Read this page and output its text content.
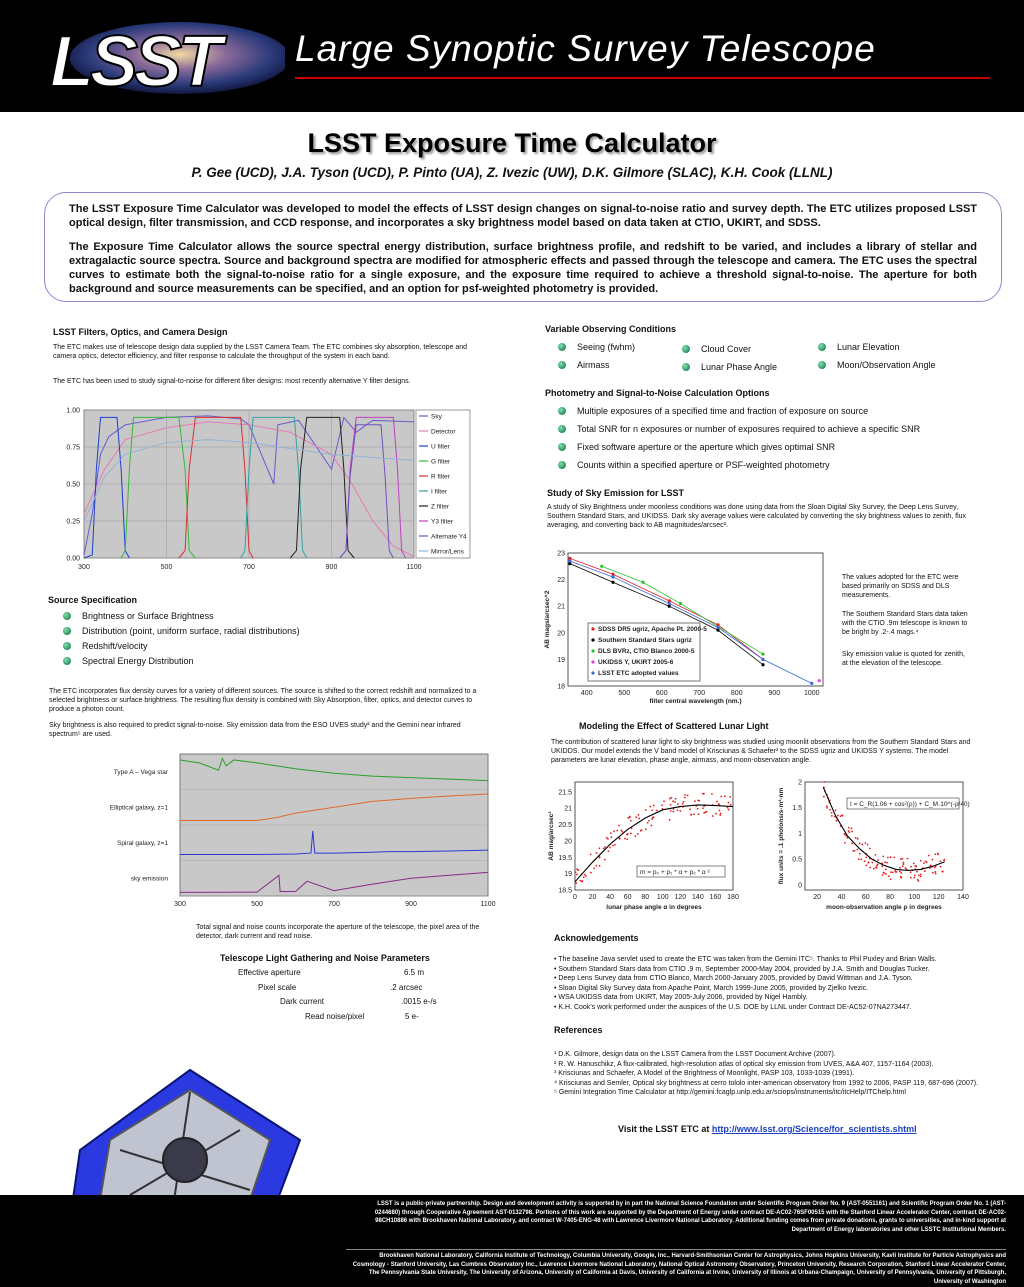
LSST Large Synoptic Survey Telescope
LSST Exposure Time Calculator
P. Gee (UCD), J.A. Tyson (UCD), P. Pinto (UA), Z. Ivezic (UW), D.K. Gilmore (SLAC), K.H. Cook (LLNL)

The LSST Exposure Time Calculator was developed to model the effects of LSST design changes on signal-to-noise ratio and survey depth. The ETC utilizes proposed LSST optical design, filter transmission, and CCD response, and incorporates a sky brightness model based on data taken at CTIO, UKIRT, and SDSS.

The Exposure Time Calculator allows the source spectral energy distribution, surface brightness profile, and redshift to be varied, and includes a library of stellar and extragalactic source spectra. Source and background spectra are modified for atmospheric effects and passed through the telescope and camera. The ETC uses the spectral curves to estimate both the signal-to-noise ratio for a single exposure, and the exposure time required to achieve a threshold signal-to-noise. The aperture for both background and source measurements can be specified, and an option for psf-weighted photometry is provided.

LSST Filters, Optics, and Camera Design

The ETC makes use of telescope design data supplied by the LSST Camera Team. The ETC combines sky absorption, telescope and camera optics, detector efficiency, and filter response to calculate the throughput of the system in each band.

The ETC has been used to study signal-to-noise for different filter designs: most recently alternative Y filter designs.

0.00
0.25
0.50
0.75
1.00
300	500	700	900	1100
Sky
Detector
U filter
G filter
R filter
I filter
Z filter
Y3 filter
Alternate Y4
Mirror/Lens
Source Specification
Brightness or Surface Brightness
Distribution (point, uniform surface, radial distributions)
Redshift/velocity
Spectral Energy Distribution

The ETC incorporates flux density curves for a variety of different sources. The source is shifted to the correct redshift and normalized to a selected brightness or surface brightness. The resulting flux density is combined with Sky Absorption, filter, optics, and detector curves to produce a photon count.

Sky brightness is also required to predict signal-to-noise. Sky emission data from the ESO UVES study² and the Gemini near infrared spectrum⁵ are used.

Type A – Vega star
Elliptical galaxy, z=1
Spiral galaxy, z=1
sky emission
300	500	700	900	1100

Total signal and noise counts incorporate the aperture of the telescope, the pixel area of the detector, dark current and read noise.

Telescope Light Gathering and Noise Parameters
Effective aperture	6.5 m
Pixel scale	.2 arcsec
Dark current	.0015 e-/s
Read noise/pixel	5 e-
Variable Observing Conditions
Seeing (fwhm)
Airmass
Cloud Cover
Lunar Phase Angle
Lunar Elevation
Moon/Observation Angle
Photometry and Signal-to-Noise Calculation Options
Multiple exposures of a specified time and fraction of exposure on source
Total SNR for n exposures or number of exposures required to achieve a specific SNR
Fixed software aperture or the aperture which gives optimal SNR
Counts within a specified aperture or PSF-weighted photometry
Study of Sky Emission for LSST

A study of Sky Brightness under moonless conditions was done using data from the Sloan Digital Sky Survey, the Deep Lens Survey, Southern Standard Stars, and UKIDSS. Dark sky average values were calculated by converting the sky brightness values to zenith, flux averaging, and converting back to AB magnitudes/arcsec².

18
19
20
21
22
23
400	500	600	700	800	900	1000
filter central wavelength (nm.)
AB mags/arcsec^2	SDSS DR5 ugriz, Apache Pt. 2000-5
Southern Standard Stars ugriz
DLS BVRz, CTIO Blanco 2000-5
UKIDSS Y, UKIRT 2005-6
LSST ETC adopted values

The values adopted for the ETC were based primarily on SDSS and DLS measurements.

The Southern Standard Stars data taken with the CTIO .9m telescope is known to be bright by .2-.4 mags.⁴

Sky emission value is quoted for zenith, at the elevation of the telescope.

Modeling the Effect of Scattered Lunar Light

The contribution of scattered lunar light to sky brightness was studied using moonlit observations from the Southern Standard Stars and UKIDDS. Our model extends the V band model of Krisciunas & Schaefer³ to the SDSS ugriz and UKIDSS Y systems. The model parameters are lunar elevation, phase angle, airmass, and moon-observation angle.

18.5
19
19.5
20
20.5
21
21.5
0 20 40 60 80 100 120 140 160 180
lunar phase angle α in degrees
AB mag/arcsec²
m = p₀ + p₁ * α + p₂ * α ²
0
0.5
1
1.5
2
20 40 60 80 100 120 140
moon-observation angle ρ in degrees
flux units = .1 photons/s-m²-nm	I = C_R(1.06 + cos²(ρ)) + C_M·10^(-ρ/40)
Acknowledgements
• The baseline Java servlet used to create the ETC was taken from the Gemini ITC⁵. Thanks to Phil Puxley and Brian Walls.
• Southern Standard Stars data from CTIO .9 m, September 2000-May 2004, provided by J.A. Smith and Douglas Tucker.
• Deep Lens Survey data from CTIO Blanco, March 2000-January 2005, provided by David Wittman and J.A. Tyson.
• Sloan Digital Sky Survey data from Apache Point, March 1999-June 2005, provided by Zjelko Ivezic.
• WSA UKIDSS data from UKIRT, May 2005-July 2006, provided by Nigel Hambly.
• K.H. Cook's work performed under the auspices of the U.S. DOE by LLNL under Contract DE-AC52-07NA273447.
References

¹ D.K. Gilmore, design data on the LSST Camera from the LSST Document Archive (2007).

² R. W. Hanuschikz, A flux-calibrated, high-resolution atlas of optical sky emission from UVES, A&A 407, 1157-1164 (2003).

³ Krisciunas and Schaefer, A Model of the Brightness of Moonlight, PASP 103, 1033-1039 (1991).

⁴ Krisciunas and Semler, Optical sky brightness at cerro tololo inter-american observatory from 1992 to 2006, PASP 119, 687-696 (2007).

⁵ Gemini Integration Time Calculator at http://gemini.fcaglp.unlp.edu.ar/sciops/instruments/itc/itcHelp/ITChelp.html

Visit the LSST ETC at http://www.lsst.org/Science/for_scientists.shtml
LSST is a public-private partnership. Design and development activity is supported by in part the National Science Foundation under Scientific Program Order No. 9 (AST-0551161) and Scientific Program Order No. 1 (AST-0244680) through Cooperative Agreement AST-0132798. Portions of this work are supported by the Department of Energy under contract DE-AC02-76SF00515 with the Stanford Linear Accelerator Center, contract DE-AC02-98CH10886 with Brookhaven National Laboratory, and contract W-7405-ENG-48 with Lawrence Livermore National Laboratory. Additional funding comes from private donations, grants to universities, and in-kind support at Department of Energy laboratories and other LSSTC Institutional Members.
Brookhaven National Laboratory, California Institute of Technology, Columbia University, Google, Inc., Harvard-Smithsonian Center for Astrophysics, Johns Hopkins University, Kavli Institute for Particle Astrophysics and Cosmology - Stanford University, Las Cumbres Observatory Inc., Lawrence Livermore National Laboratory, National Optical Astronomy Observatory, Princeton University, Research Corporation, Stanford Linear Accelerator Center, The Pennsylvania State University, The University of Arizona, University of California at Davis, University of California at Irvine, University of Illinois at Urbana-Champaign, University of Pennsylvania, University of Pittsburgh, University of Washington
